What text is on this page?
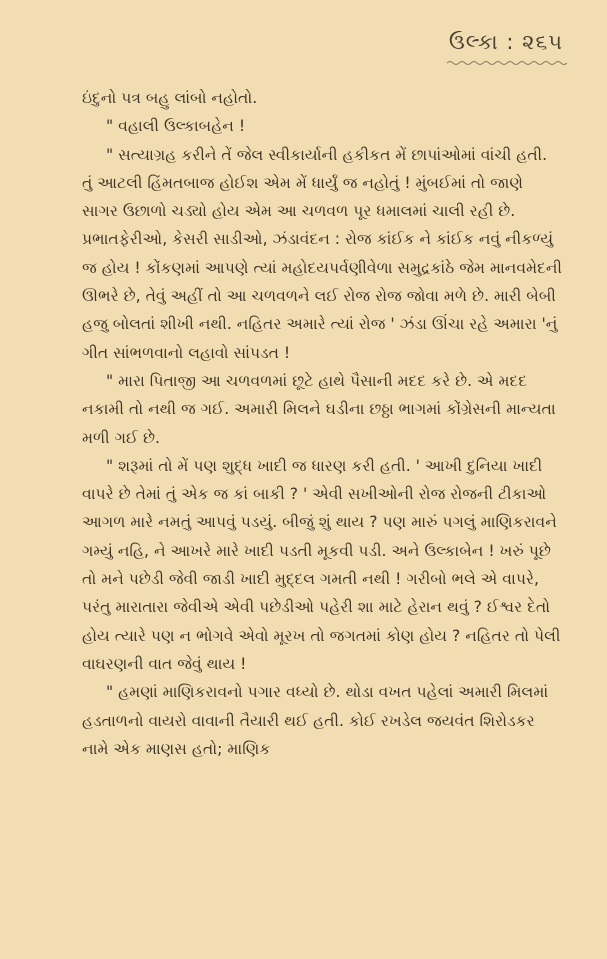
ઉલ્કા : ૨૬૫

ઇંદુનો પત્ર બહુ લાંબો નહોતો.

" વહાલી ઉલ્કાબહેન !

" સત્યાગ્રહ કરીને તેં જેલ સ્વીકાર્યાની હકીકત મેં છાપાંઓમાં વાંચી હતી. તું આટલી હિંમતબાજ હોઈશ એમ મેં ધાર્યું જ નહોતું ! મુંબઈમાં તો જાણે સાગર ઉછાળો ચડ્યો હોય એમ આ ચળવળ પૂર ધમાલમાં ચાલી રહી છે. પ્રભાતફેરીઓ, કેસરી સાડીઓ, ઝંડાવંદન : રોજ કાંઈક ને કાંઈક નવું નીકળ્યું જ હોય ! કોંકણમાં આપણે ત્યાં મહોદયપર્વણીવેળા સમુદ્રકાંઠે જેમ માનવમેદની ઊભરે છે, તેવું અહીં તો આ ચળવળને લઈ રોજ રોજ જોવા મળે છે. મારી બેબી હજુ બોલતાં શીખી નથી. નહિતર અમારે ત્યાં રોજ ' ઝંડા ઊંચા રહે અમારા 'નું ગીત સાંભળવાનો લહાવો સાંપડત !

" મારા પિતાજી આ ચળવળમાં છૂટે હાથે પૈસાની મદદ કરે છે. એ મદદ નકામી તો નથી જ ગઈ. અમારી મિલને ઘડીના છઠ્ઠા ભાગમાં કોંગ્રેસની માન્યતા મળી ગઈ છે.

" શરૂમાં તો મેં પણ શુદ્ધ ખાદી જ ધારણ કરી હતી. ' આખી દુનિયા ખાદી વાપરે છે તેમાં તું એક જ કાં બાકી ? ' એવી સખીઓની રોજ રોજની ટીકાઓ આગળ મારે નમતું આપવું પડયું. બીજું શું થાય ? પણ મારું પગલું માણિકરાવને ગમ્યું નહિ, ને આખરે મારે ખાદી પડતી મૂકવી પડી. અને ઉલ્કાબેન ! ખરું પૂછે તો મને પછેડી જેવી જાડી ખાદી મુદ્દલ ગમતી નથી ! ગરીબો ભલે એ વાપરે, પરંતુ મારાતારા જેવીએ એવી પછેડીઓ પહેરી શા માટે હેરાન થવું ? ઈશ્વર દેતો હોય ત્યારે પણ ન ભોગવે એવો મૂરખ તો જગતમાં કોણ હોય ? નહિતર તો પેલી વાઘરણની વાત જેવું થાય !

" હમણાં માણિકરાવનો પગાર વધ્યો છે. થોડા વખત પહેલાં અમારી મિલમાં હડતાળનો વાયરો વાવાની તૈયારી થઈ હતી. કોઈ રખડેલ જયવંત શિરોડકર નામે એક માણસ હતો; માણિક
